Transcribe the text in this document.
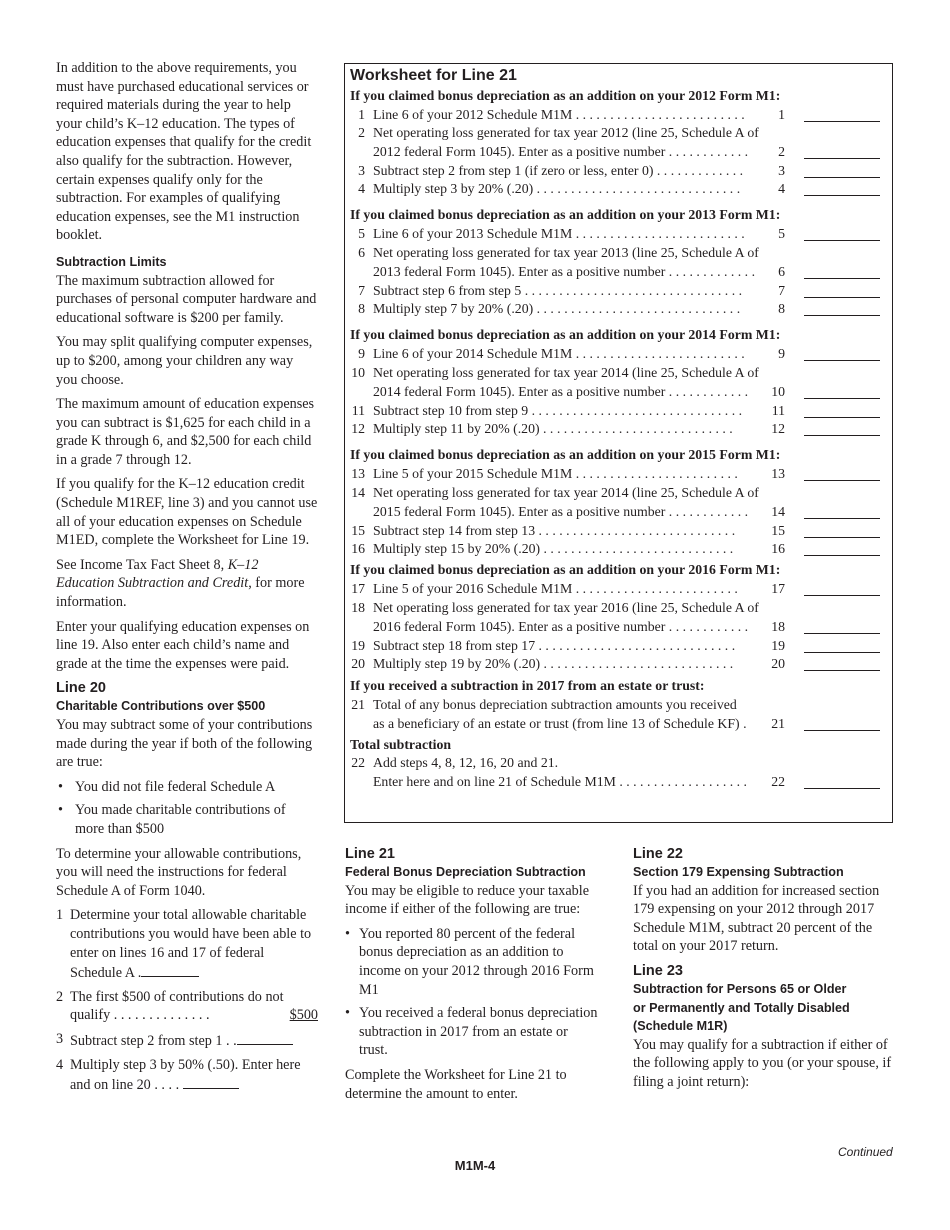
In addition to the above requirements, you must have purchased educational services or required materials during the year to help your child’s K–12 education. The types of education expenses that qualify for the credit also qualify for the subtraction. However, certain expenses qualify only for the subtraction. For examples of qualifying education expenses, see the M1 instruction booklet.

Subtraction Limits

The maximum subtraction allowed for purchases of personal computer hardware and educational software is $200 per family.

You may split qualifying computer expenses, up to $200, among your children any way you choose.

The maximum amount of education expenses you can subtract is $1,625 for each child in a grade K through 6, and $2,500 for each child in a grade 7 through 12.

If you qualify for the K–12 education credit (Schedule M1REF, line 3) and you cannot use all of your education expenses on Schedule M1ED, complete the Worksheet for Line 19.

See Income Tax Fact Sheet 8, K–12 Education Subtraction and Credit, for more information.

Enter your qualifying education expenses on line 19. Also enter each child’s name and grade at the time the expenses were paid.

Line 20
Charitable Contributions over $500

You may subtract some of your contributions made during the year if both of the following are true:

• You did not file federal Schedule A
• You made charitable contributions of more than $500

To determine your allowable contributions, you will need the instructions for federal Schedule A of Form 1040.

1 Determine your total allowable charitable contributions you would have been able to enter on lines 16 and 17 of federal Schedule A .
2 The first $500 of contributions do not qualify . . . . . . . . . . . . . .	$500
3 Subtract step 2 from step 1 . .
4 Multiply step 3 by 50% (.50). Enter here and on line 20 . . . .
Worksheet for Line 21
If you claimed bonus depreciation as an addition on your 2012 Form M1:
1 Line 6 of your 2012 Schedule M1M . . . . . . . . . . . . . . . . . . . . . . . . .	1
2 Net operating loss generated for tax year 2012 (line 25, Schedule A of
2012 federal Form 1045). Enter as a positive number . . . . . . . . . . . .	2
3 Subtract step 2 from step 1 (if zero or less, enter 0) . . . . . . . . . . . . .	3
4 Multiply step 3 by 20% (.20) . . . . . . . . . . . . . . . . . . . . . . . . . . . . . .	4
If you claimed bonus depreciation as an addition on your 2013 Form M1:
5 Line 6 of your 2013 Schedule M1M . . . . . . . . . . . . . . . . . . . . . . . . .	5
6 Net operating loss generated for tax year 2013 (line 25, Schedule A of
2013 federal Form 1045). Enter as a positive number . . . . . . . . . . . . .	6
7 Subtract step 6 from step 5 . . . . . . . . . . . . . . . . . . . . . . . . . . . . . . . .	7
8 Multiply step 7 by 20% (.20) . . . . . . . . . . . . . . . . . . . . . . . . . . . . . .	8
If you claimed bonus depreciation as an addition on your 2014 Form M1:
9 Line 6 of your 2014 Schedule M1M . . . . . . . . . . . . . . . . . . . . . . . . .	9
10 Net operating loss generated for tax year 2014 (line 25, Schedule A of
2014 federal Form 1045). Enter as a positive number . . . . . . . . . . . .	10
11 Subtract step 10 from step 9 . . . . . . . . . . . . . . . . . . . . . . . . . . . . . . .	11
12 Multiply step 11 by 20% (.20) . . . . . . . . . . . . . . . . . . . . . . . . . . . .	12
If you claimed bonus depreciation as an addition on your 2015 Form M1:
13 Line 5 of your 2015 Schedule M1M . . . . . . . . . . . . . . . . . . . . . . . .	13
14 Net operating loss generated for tax year 2014 (line 25, Schedule A of
2015 federal Form 1045). Enter as a positive number . . . . . . . . . . . .	14
15 Subtract step 14 from step 13 . . . . . . . . . . . . . . . . . . . . . . . . . . . . .	15
16 Multiply step 15 by 20% (.20) . . . . . . . . . . . . . . . . . . . . . . . . . . . .	16
If you claimed bonus depreciation as an addition on your 2016 Form M1:
17 Line 5 of your 2016 Schedule M1M . . . . . . . . . . . . . . . . . . . . . . . .	17
18 Net operating loss generated for tax year 2016 (line 25, Schedule A of
2016 federal Form 1045). Enter as a positive number . . . . . . . . . . . .	18
19 Subtract step 18 from step 17 . . . . . . . . . . . . . . . . . . . . . . . . . . . . .	19
20 Multiply step 19 by 20% (.20) . . . . . . . . . . . . . . . . . . . . . . . . . . . .	20
If you received a subtraction in 2017 from an estate or trust:
21 Total of any bonus depreciation subtraction amounts you received
as a beneficiary of an estate or trust (from line 13 of Schedule KF) .	21
Total subtraction
22 Add steps 4, 8, 12, 16, 20 and 21.
Enter here and on line 21 of Schedule M1M . . . . . . . . . . . . . . . . . . .	22
Line 21
Federal Bonus Depreciation Subtraction

You may be eligible to reduce your taxable income if either of the following are true:

• You reported 80 percent of the federal bonus depreciation as an addition to income on your 2012 through 2016 Form M1
• You received a federal bonus depreciation subtraction in 2017 from an estate or trust.

Complete the Worksheet for Line 21 to determine the amount to enter.

Line 22
Section 179 Expensing Subtraction

If you had an addition for increased section 179 expensing on your 2012 through 2017 Schedule M1M, subtract 20 percent of the total on your 2017 return.

Line 23
Subtraction for Persons 65 or Older
or Permanently and Totally Disabled
(Schedule M1R)

You may qualify for a subtraction if either of the following apply to you (or your spouse, if filing a joint return):

Continued
M1M-4
